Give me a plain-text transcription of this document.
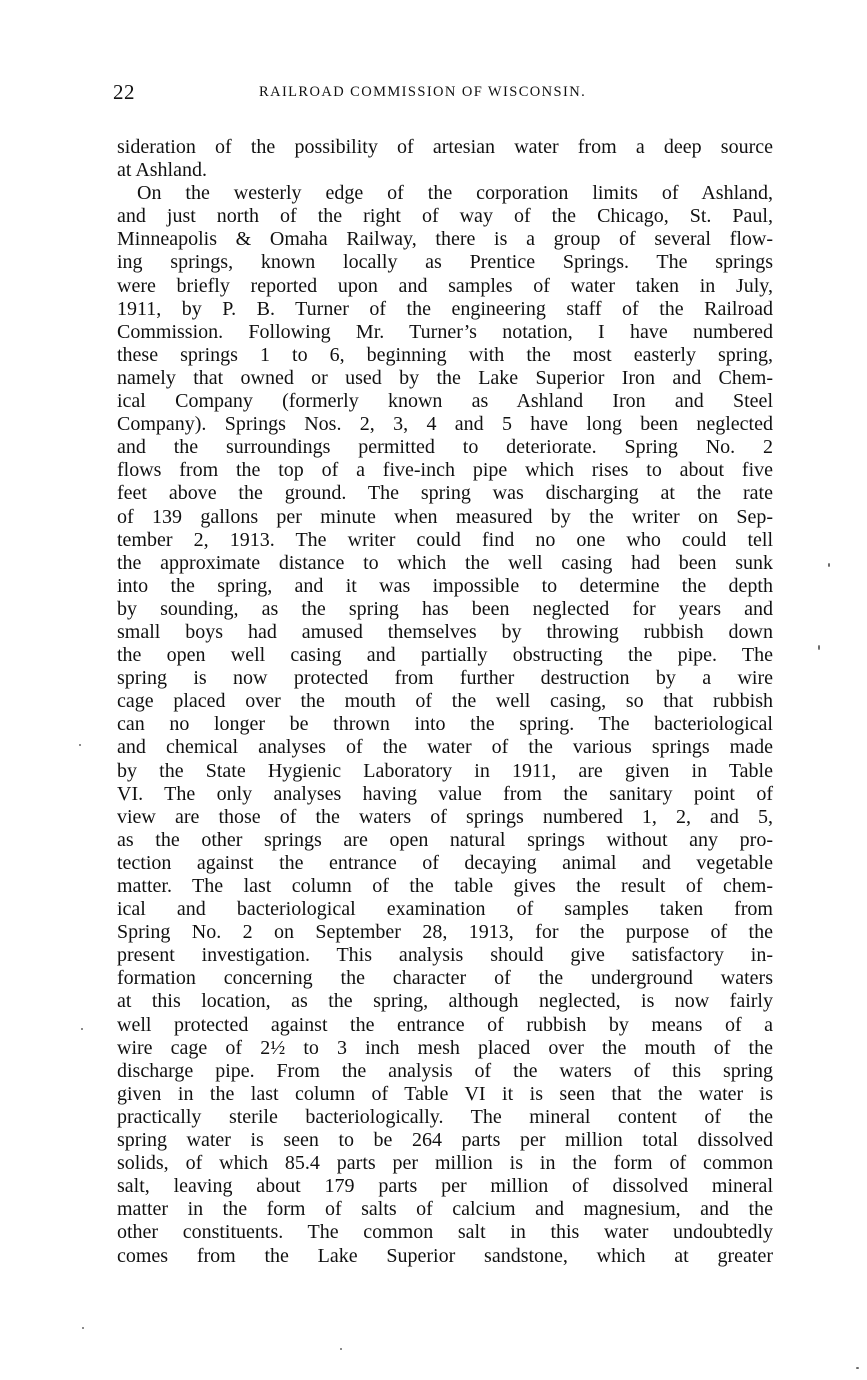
22	RAILROAD COMMISSION OF WISCONSIN.
sideration of the possibility of artesian water from a deep source
at Ashland.
On the westerly edge of the corporation limits of Ashland,
and just north of the right of way of the Chicago, St. Paul,
Minneapolis & Omaha Railway, there is a group of several flow-
ing springs, known locally as Prentice Springs. The springs
were briefly reported upon and samples of water taken in July,
1911, by P. B. Turner of the engineering staff of the Railroad
Commission. Following Mr. Turner’s notation, I have numbered
these springs 1 to 6, beginning with the most easterly spring,
namely that owned or used by the Lake Superior Iron and Chem-
ical Company (formerly known as Ashland Iron and Steel
Company). Springs Nos. 2, 3, 4 and 5 have long been neglected
and the surroundings permitted to deteriorate. Spring No. 2
flows from the top of a five-inch pipe which rises to about five
feet above the ground. The spring was discharging at the rate
of 139 gallons per minute when measured by the writer on Sep-
tember 2, 1913. The writer could find no one who could tell
the approximate distance to which the well casing had been sunk
into the spring, and it was impossible to determine the depth
by sounding, as the spring has been neglected for years and
small boys had amused themselves by throwing rubbish down
the open well casing and partially obstructing the pipe. The
spring is now protected from further destruction by a wire
cage placed over the mouth of the well casing, so that rubbish
can no longer be thrown into the spring. The bacteriological
and chemical analyses of the water of the various springs made
by the State Hygienic Laboratory in 1911, are given in Table
VI. The only analyses having value from the sanitary point of
view are those of the waters of springs numbered 1, 2, and 5,
as the other springs are open natural springs without any pro-
tection against the entrance of decaying animal and vegetable
matter. The last column of the table gives the result of chem-
ical and bacteriological examination of samples taken from
Spring No. 2 on September 28, 1913, for the purpose of the
present investigation. This analysis should give satisfactory in-
formation concerning the character of the underground waters
at this location, as the spring, although neglected, is now fairly
well protected against the entrance of rubbish by means of a
wire cage of 2½ to 3 inch mesh placed over the mouth of the
discharge pipe. From the analysis of the waters of this spring
given in the last column of Table VI it is seen that the water is
practically sterile bacteriologically. The mineral content of the
spring water is seen to be 264 parts per million total dissolved
solids, of which 85.4 parts per million is in the form of common
salt, leaving about 179 parts per million of dissolved mineral
matter in the form of salts of calcium and magnesium, and the
other constituents. The common salt in this water undoubtedly
comes from the Lake Superior sandstone, which at greater
